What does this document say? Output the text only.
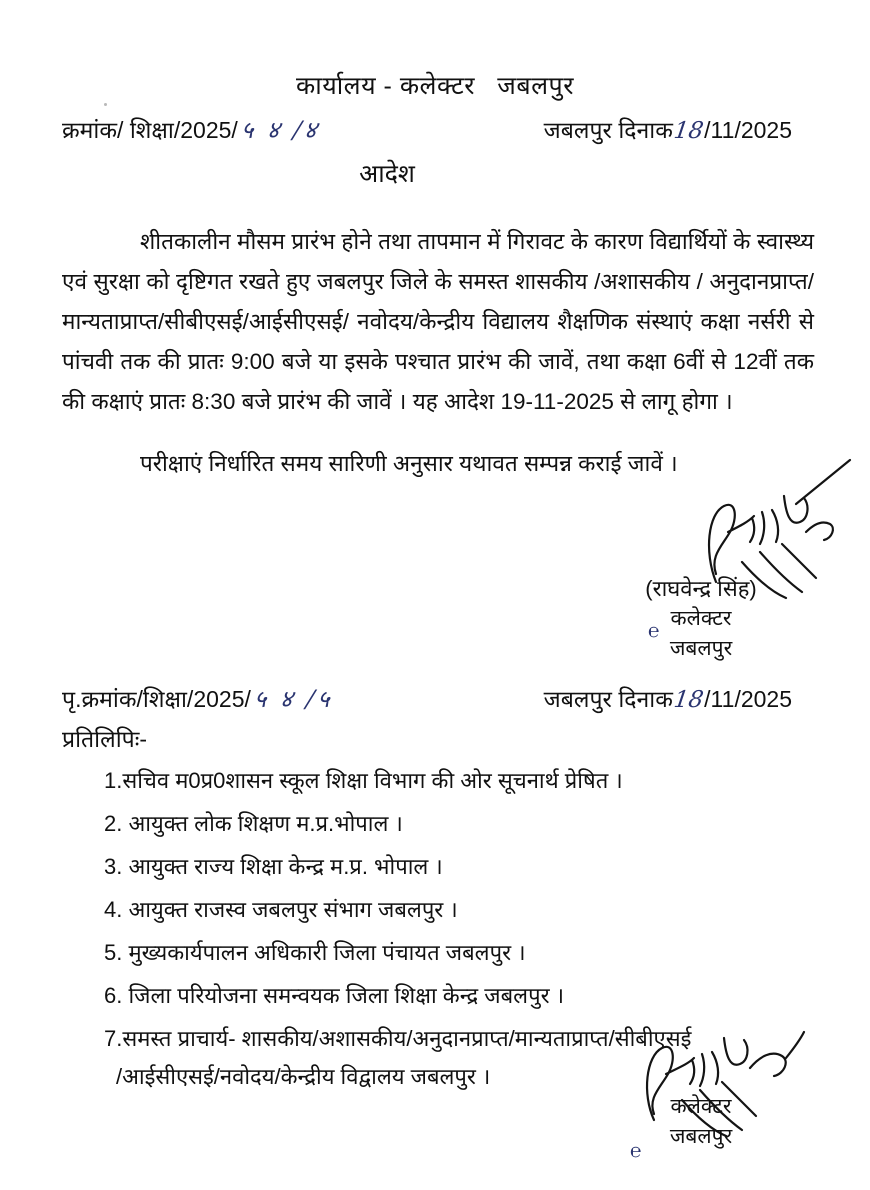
कार्यालय - कलेक्टर   जबलपुर
क्रमांक/ शिक्षा/2025/ ५ ४ /४	जबलपुर दिनाक 18 /11/2025
आदेश

शीतकालीन मौसम प्रारंभ होने तथा तापमान में गिरावट के कारण विद्यार्थियों के स्वास्थ्य एवं सुरक्षा को दृष्टिगत रखते हुए जबलपुर जिले के समस्त शासकीय /अशासकीय / अनुदानप्राप्त/मान्यताप्राप्त/सीबीएसई/आईसीएसई/ नवोदय/केन्द्रीय विद्यालय शैक्षणिक संस्थाएं कक्षा नर्सरी से पांचवी तक की प्रातः 9:00 बजे या इसके पश्चात प्रारंभ की जावें, तथा कक्षा 6वीं से 12वीं तक की कक्षाएं प्रातः 8:30 बजे प्रारंभ की जावें । यह आदेश 19-11-2025 से लागू होगा ।

परीक्षाएं निर्धारित समय सारिणी अनुसार यथावत सम्पन्न कराई जावें ।

℮
(राघवेन्द्र सिंह)
कलेक्टर
जबलपुर
पृ.क्रमांक/शिक्षा/2025/ ५ ४ /५	जबलपुर दिनाक 18 /11/2025
प्रतिलिपिः-
1.सचिव म0प्र0शासन स्कूल शिक्षा विभाग की ओर सूचनार्थ प्रेषित ।
2. आयुक्त लोक शिक्षण म.प्र.भोपाल ।
3. आयुक्त राज्य शिक्षा केन्द्र म.प्र. भोपाल ।
4. आयुक्त राजस्व जबलपुर संभाग जबलपुर ।
5. मुख्यकार्यपालन अधिकारी जिला पंचायत जबलपुर ।
6. जिला परियोजना समन्वयक जिला शिक्षा केन्द्र जबलपुर ।
7.समस्त प्राचार्य- शासकीय/अशासकीय/अनुदानप्राप्त/मान्यताप्राप्त/सीबीएसई
/आईसीएसई/नवोदय/केन्द्रीय विद्वालय जबलपुर ।
कलेक्टर
जबलपुर
℮
